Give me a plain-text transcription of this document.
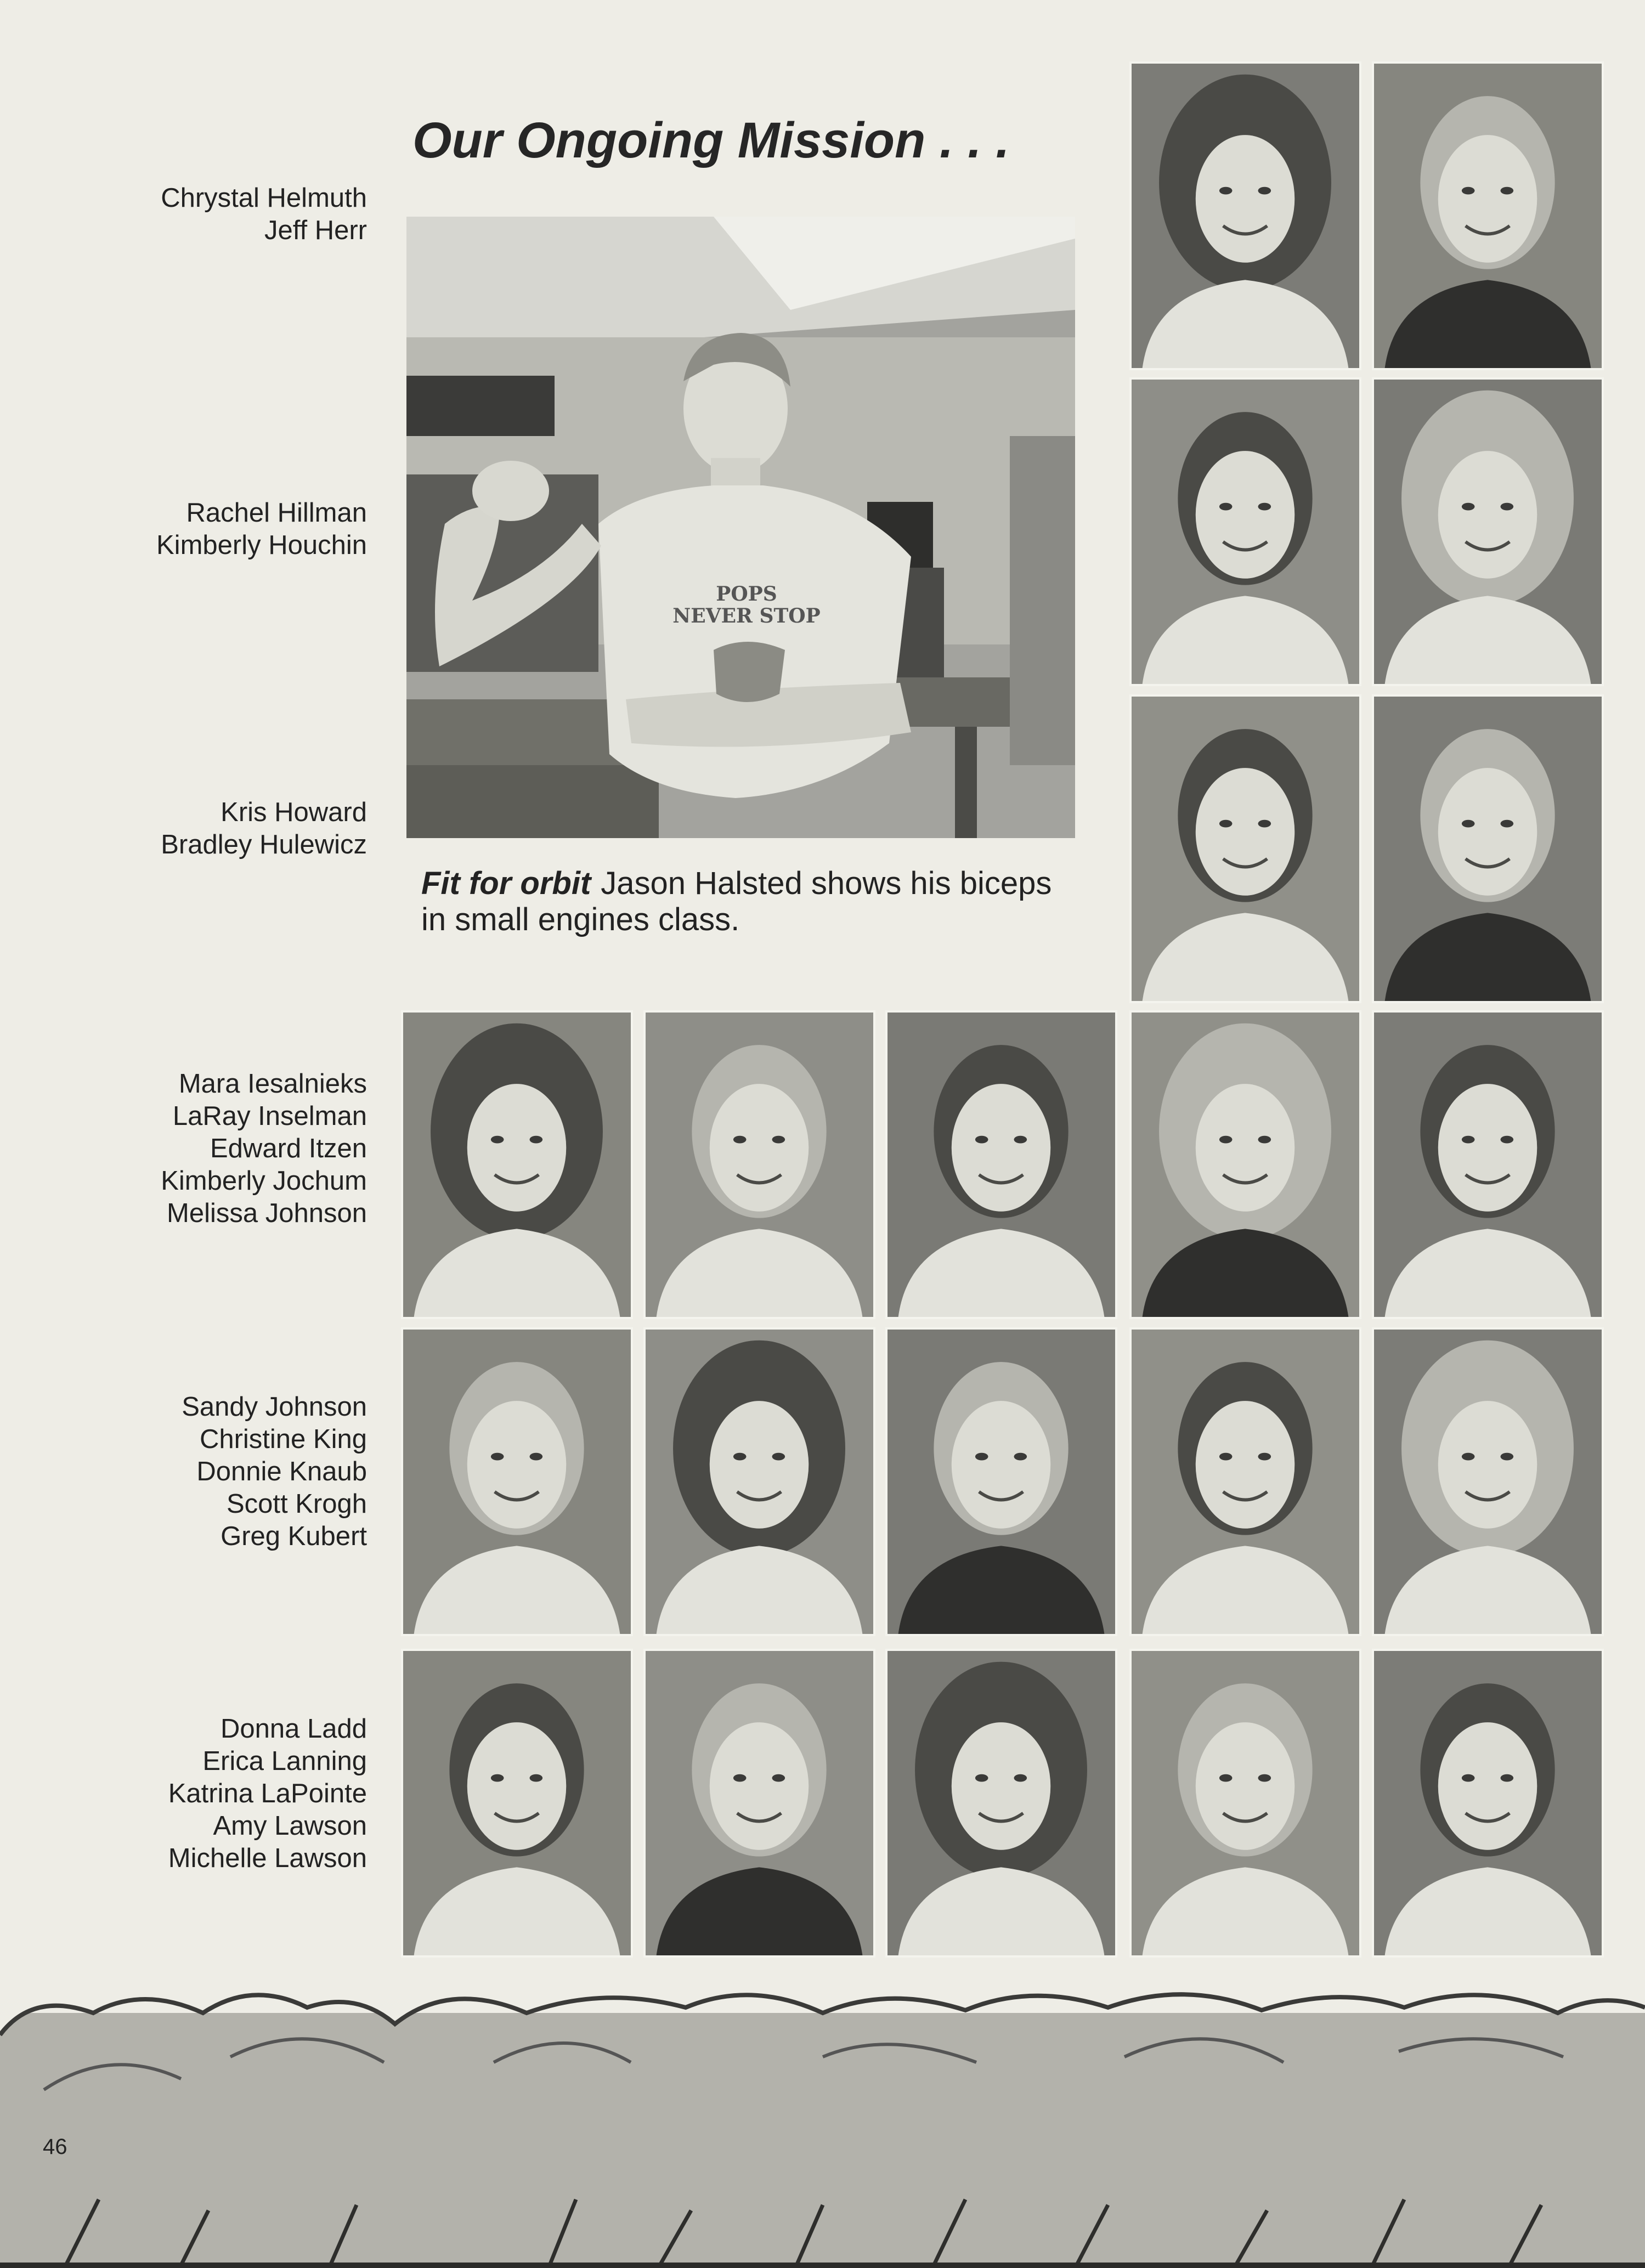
Our Ongoing Mission . . .
Chrystal Helmuth
Jeff Herr
Rachel Hillman
Kimberly Houchin
Kris Howard
Bradley Hulewicz
Mara Iesalnieks
LaRay Inselman
Edward Itzen
Kimberly Jochum
Melissa Johnson
Sandy Johnson
Christine King
Donnie Knaub
Scott Krogh
Greg Kubert
Donna Ladd
Erica Lanning
Katrina LaPointe
Amy Lawson
Michelle Lawson
POPS
NEVER STOP
Fit for orbit Jason Halsted shows his biceps in small engines class.
46
